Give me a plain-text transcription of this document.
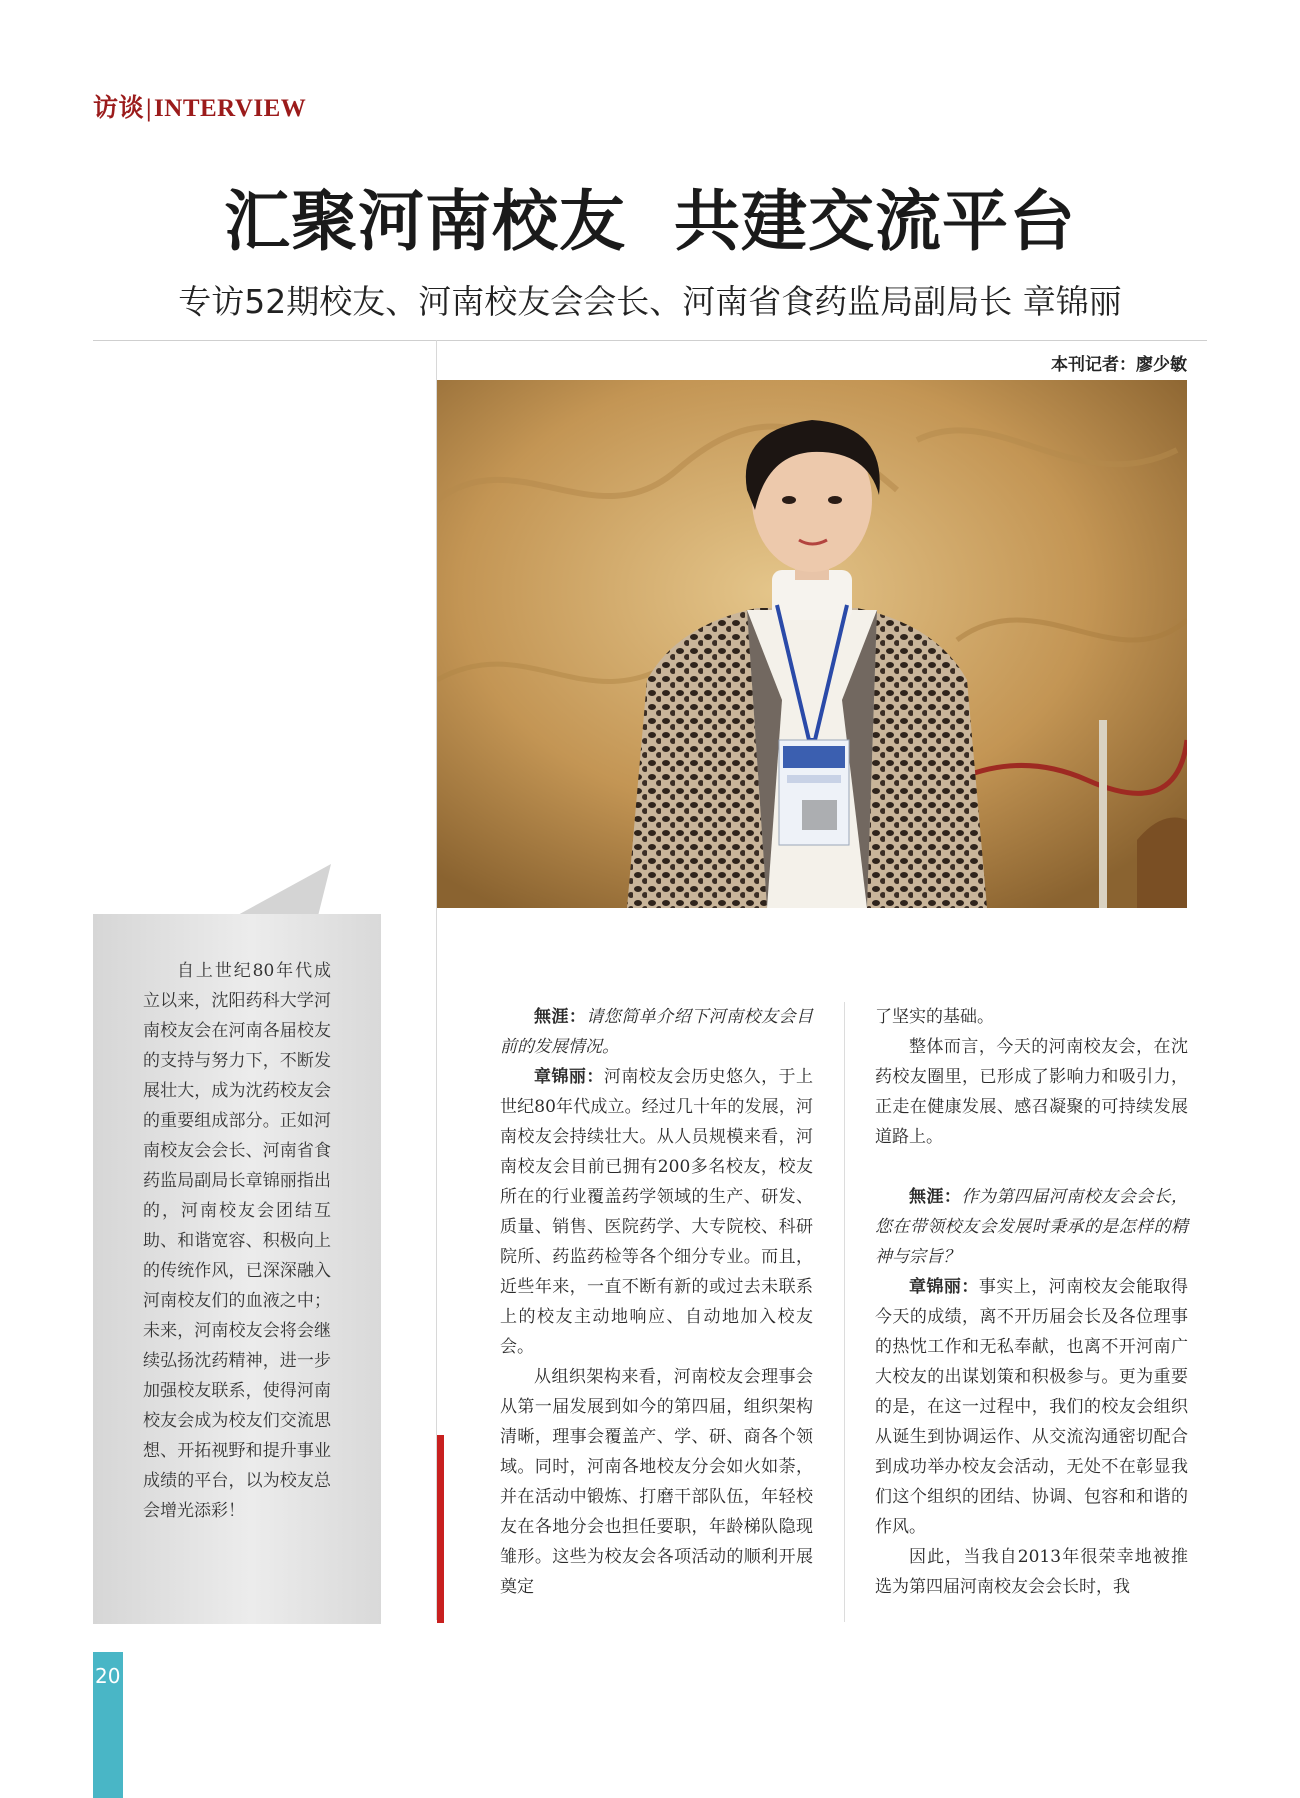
访谈|INTERVIEW
汇聚河南校友  共建交流平台
专访52期校友、河南校友会会长、河南省食药监局副局长 章锦丽
本刊记者：廖少敏
自上世纪80年代成立以来，沈阳药科大学河南校友会在河南各届校友的支持与努力下，不断发展壮大，成为沈药校友会的重要组成部分。正如河南校友会会长、河南省食药监局副局长章锦丽指出的，河南校友会团结互助、和谐宽容、积极向上的传统作风，已深深融入河南校友们的血液之中；未来，河南校友会将会继续弘扬沈药精神，进一步加强校友联系，使得河南校友会成为校友们交流思想、开拓视野和提升事业成绩的平台，以为校友总会增光添彩！

無涯：请您简单介绍下河南校友会目前的发展情况。

章锦丽：河南校友会历史悠久，于上世纪80年代成立。经过几十年的发展，河南校友会持续壮大。从人员规模来看，河南校友会目前已拥有200多名校友，校友所在的行业覆盖药学领域的生产、研发、质量、销售、医院药学、大专院校、科研院所、药监药检等各个细分专业。而且，近些年来，一直不断有新的或过去未联系上的校友主动地响应、自动地加入校友会。

从组织架构来看，河南校友会理事会从第一届发展到如今的第四届，组织架构清晰，理事会覆盖产、学、研、商各个领域。同时，河南各地校友分会如火如荼，并在活动中锻炼、打磨干部队伍，年轻校友在各地分会也担任要职，年龄梯队隐现雏形。这些为校友会各项活动的顺利开展奠定

了坚实的基础。

整体而言，今天的河南校友会，在沈药校友圈里，已形成了影响力和吸引力，正走在健康发展、感召凝聚的可持续发展道路上。

無涯：作为第四届河南校友会会长，您在带领校友会发展时秉承的是怎样的精神与宗旨？

章锦丽：事实上，河南校友会能取得今天的成绩，离不开历届会长及各位理事的热忱工作和无私奉献，也离不开河南广大校友的出谋划策和积极参与。更为重要的是，在这一过程中，我们的校友会组织从诞生到协调运作、从交流沟通密切配合到成功举办校友会活动，无处不在彰显我们这个组织的团结、协调、包容和和谐的作风。

因此，当我自2013年很荣幸地被推选为第四届河南校友会会长时，我

20
